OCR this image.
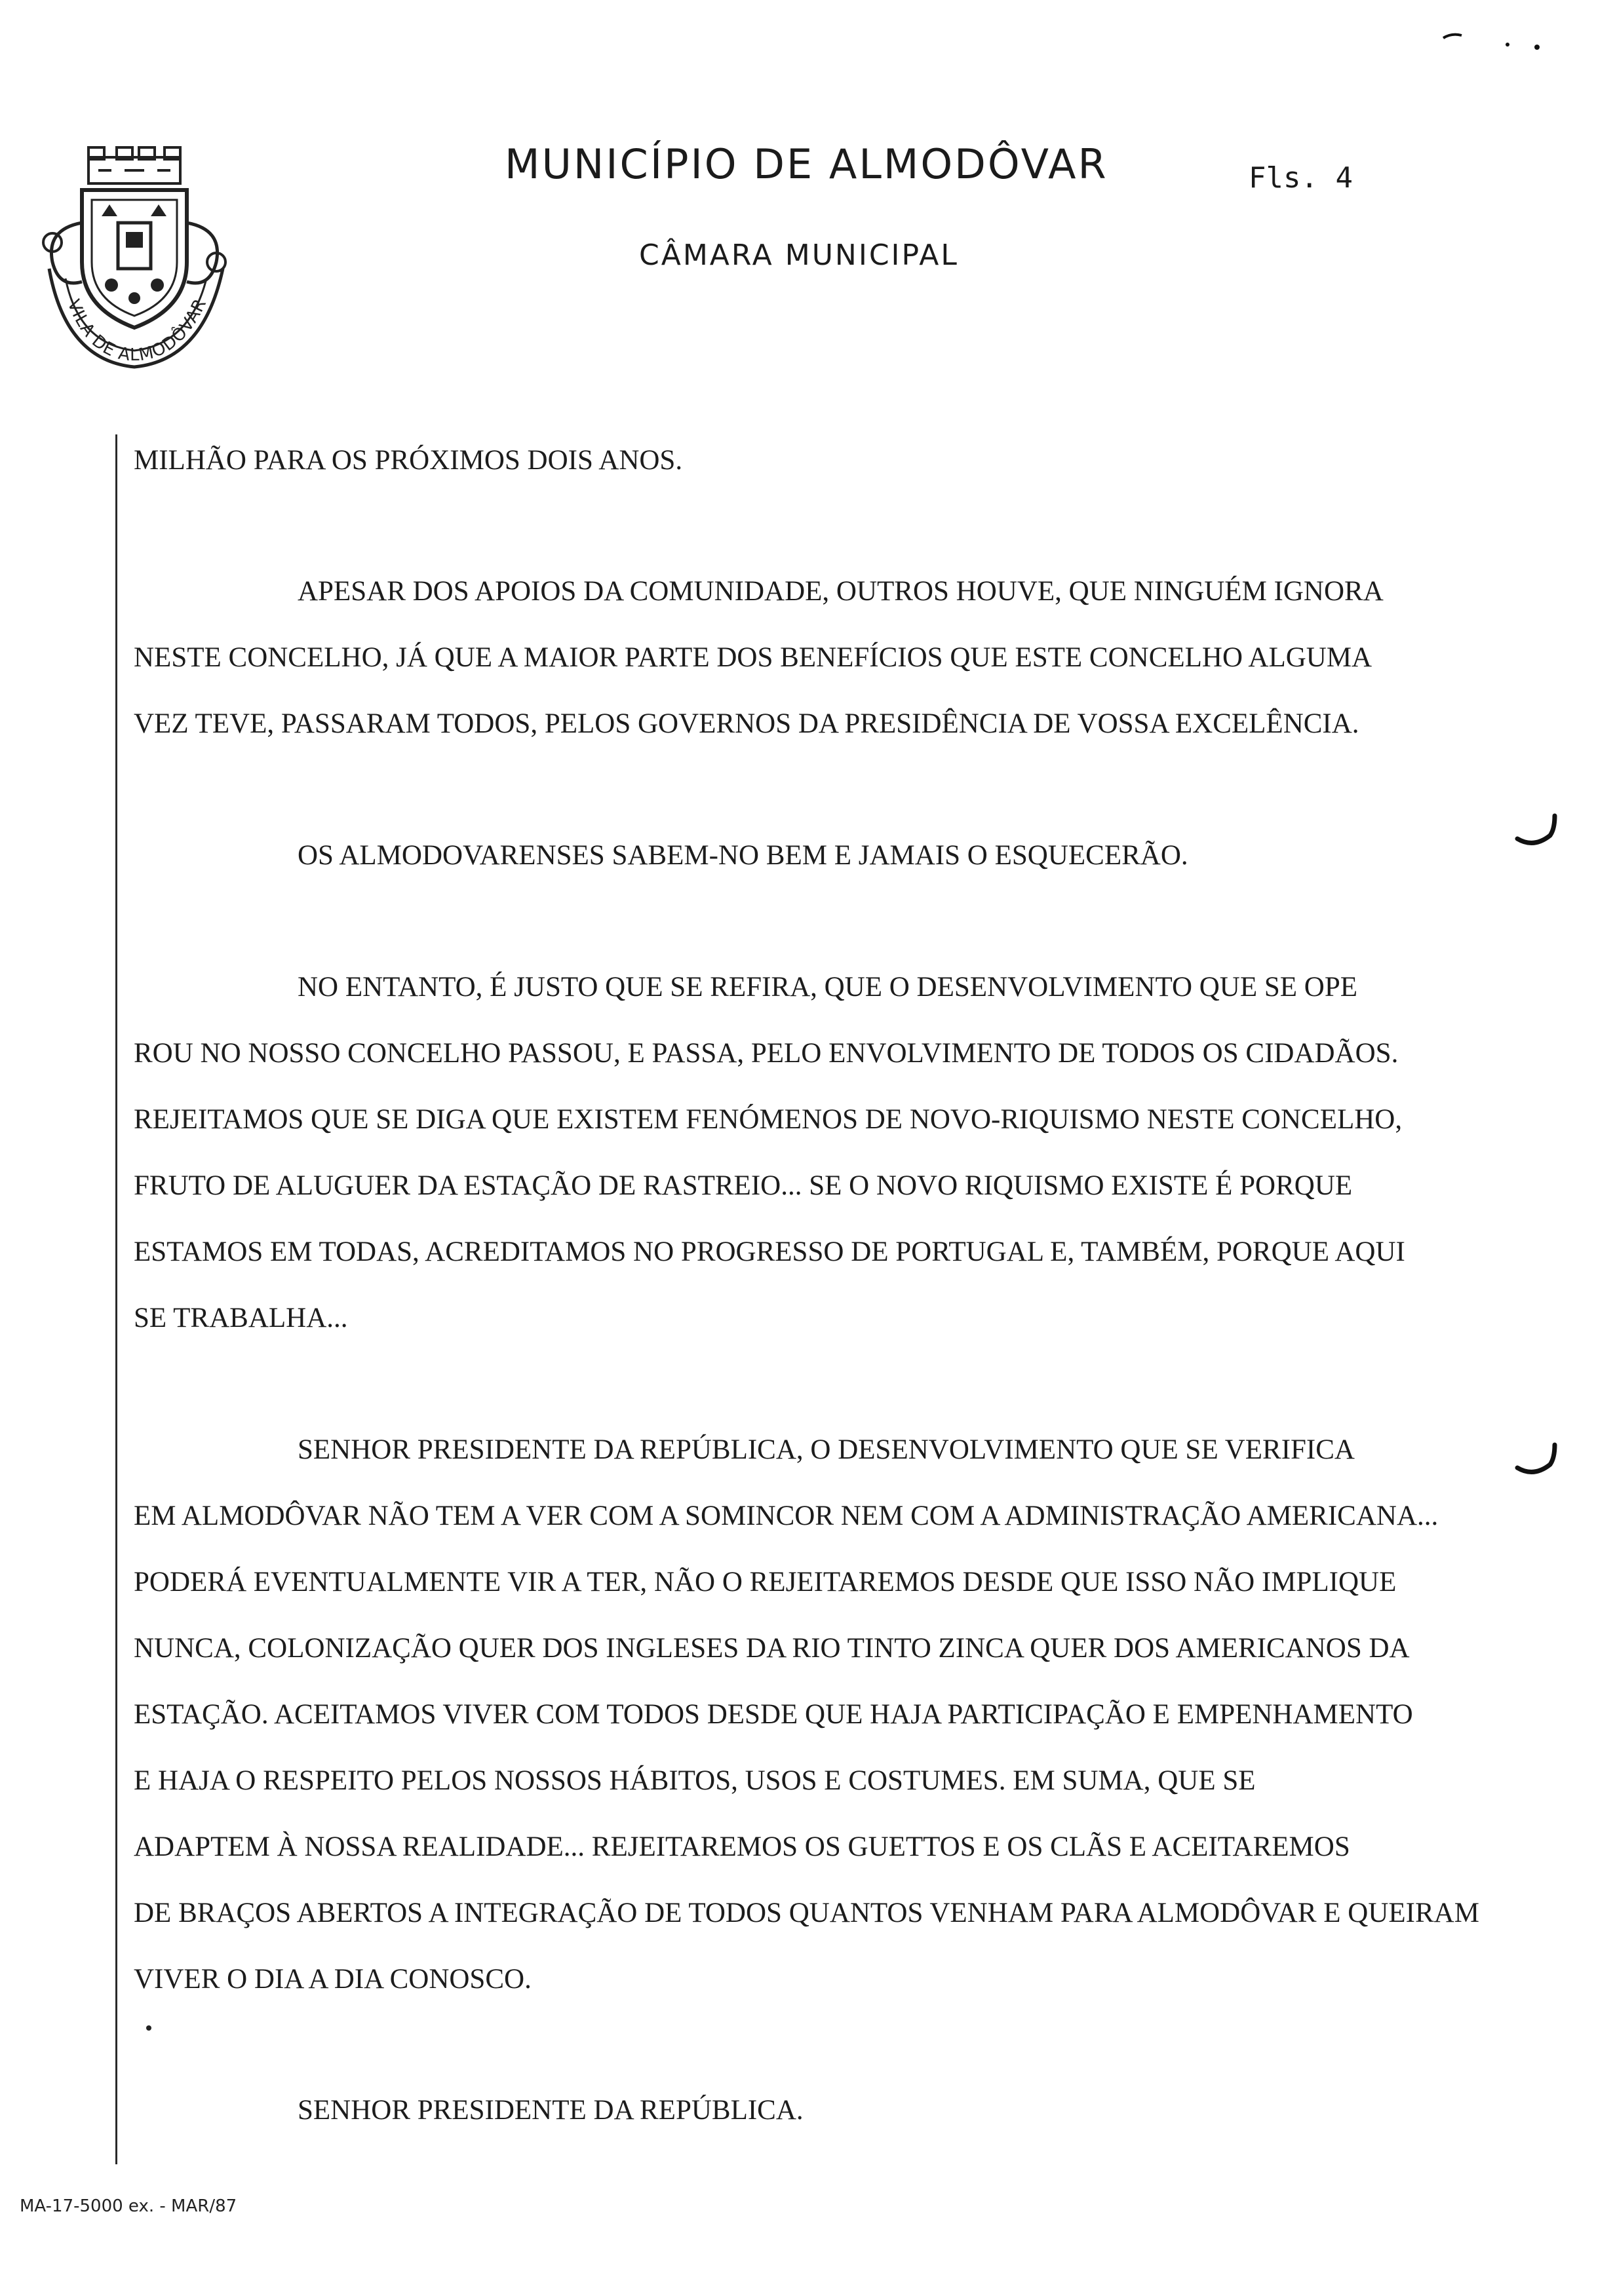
VILA DE ALMODÔVAR
MUNICÍPIO DE ALMODÔVAR
CÂMARA MUNICIPAL
Fls. 4
MILHÃO PARA OS PRÓXIMOS DOIS ANOS.
APESAR DOS APOIOS DA COMUNIDADE, OUTROS HOUVE, QUE NINGUÉM IGNORA
NESTE CONCELHO, JÁ QUE A MAIOR PARTE DOS BENEFÍCIOS QUE ESTE CONCELHO ALGUMA
VEZ TEVE, PASSARAM TODOS, PELOS GOVERNOS DA PRESIDÊNCIA DE VOSSA EXCELÊNCIA.
OS ALMODOVARENSES SABEM-NO BEM E JAMAIS O ESQUECERÃO.
NO ENTANTO, É JUSTO QUE SE REFIRA, QUE O DESENVOLVIMENTO QUE SE OPE
ROU NO NOSSO CONCELHO PASSOU, E PASSA, PELO ENVOLVIMENTO DE TODOS OS CIDADÃOS.
REJEITAMOS QUE SE DIGA QUE EXISTEM FENÓMENOS DE NOVO-RIQUISMO NESTE CONCELHO,
FRUTO DE ALUGUER DA ESTAÇÃO DE RASTREIO... SE O NOVO RIQUISMO EXISTE É PORQUE
ESTAMOS EM TODAS, ACREDITAMOS NO PROGRESSO DE PORTUGAL E, TAMBÉM, PORQUE AQUI
SE TRABALHA...
SENHOR PRESIDENTE DA REPÚBLICA, O DESENVOLVIMENTO QUE SE VERIFICA
EM ALMODÔVAR NÃO TEM A VER COM A SOMINCOR NEM COM A ADMINISTRAÇÃO AMERICANA...
PODERÁ EVENTUALMENTE VIR A TER, NÃO O REJEITAREMOS DESDE QUE ISSO NÃO IMPLIQUE
NUNCA, COLONIZAÇÃO QUER DOS INGLESES DA RIO TINTO ZINCA QUER DOS AMERICANOS DA
ESTAÇÃO. ACEITAMOS VIVER COM TODOS DESDE QUE HAJA PARTICIPAÇÃO E EMPENHAMENTO
E HAJA O RESPEITO PELOS NOSSOS HÁBITOS, USOS E COSTUMES. EM SUMA, QUE SE
ADAPTEM À NOSSA REALIDADE... REJEITAREMOS OS GUETTOS E OS CLÃS E ACEITAREMOS
DE BRAÇOS ABERTOS A INTEGRAÇÃO DE TODOS QUANTOS VENHAM PARA ALMODÔVAR E QUEIRAM
VIVER O DIA A DIA CONOSCO.
SENHOR PRESIDENTE DA REPÚBLICA.
MA-17-5000 ex. - MAR/87
